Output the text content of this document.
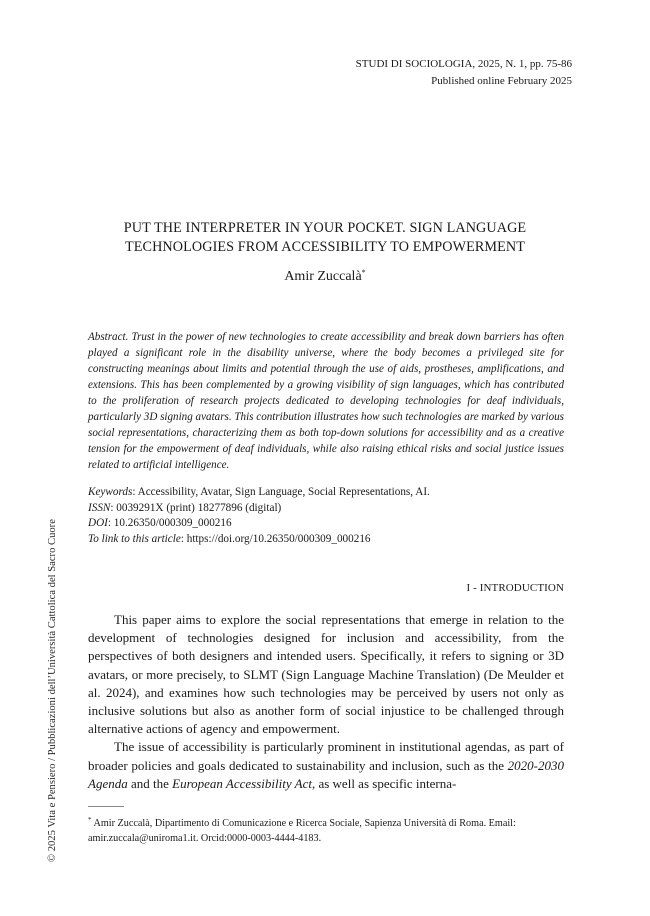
STUDI DI SOCIOLOGIA, 2025, N. 1, pp. 75-86
Published online February 2025
PUT THE INTERPRETER IN YOUR POCKET. SIGN LANGUAGE
TECHNOLOGIES FROM ACCESSIBILITY TO EMPOWERMENT
Amir Zuccalà*
Abstract. Trust in the power of new technologies to create accessibility and break down barriers has often played a significant role in the disability universe, where the body becomes a privileged site for constructing meanings about limits and potential through the use of aids, prostheses, amplifications, and extensions. This has been complemented by a growing visibility of sign languages, which has contributed to the proliferation of research projects dedicated to developing technologies for deaf individuals, particularly 3D signing avatars. This contribution illustrates how such technologies are marked by various social representations, characterizing them as both top-down solutions for accessibility and as a creative tension for the empowerment of deaf individuals, while also raising ethical risks and social justice issues related to artificial intelligence.
Keywords: Accessibility, Avatar, Sign Language, Social Representations, AI.
ISSN: 0039291X (print) 18277896 (digital)
DOI: 10.26350/000309_000216
To link to this article: https://doi.org/10.26350/000309_000216
I - INTRODUCTION

This paper aims to explore the social representations that emerge in relation to the development of technologies designed for inclusion and accessibility, from the perspectives of both designers and intended users. Specifically, it refers to signing or 3D avatars, or more precisely, to SLMT (Sign Language Machine Translation) (De Meulder et al. 2024), and examines how such technologies may be perceived by users not only as inclusive solutions but also as another form of social injustice to be challenged through alternative actions of agency and empowerment.

The issue of accessibility is particularly prominent in institutional agendas, as part of broader policies and goals dedicated to sustainability and inclusion, such as the 2020-2030 Agenda and the European Accessibility Act, as well as specific interna-

* Amir Zuccalà, Dipartimento di Comunicazione e Ricerca Sociale, Sapienza Università di Roma. Email: amir.zuccala@uniroma1.it. Orcid:0000-0003-4444-4183.
© 2025 Vita e Pensiero / Pubblicazioni dell’Università Cattolica del Sacro Cuore
